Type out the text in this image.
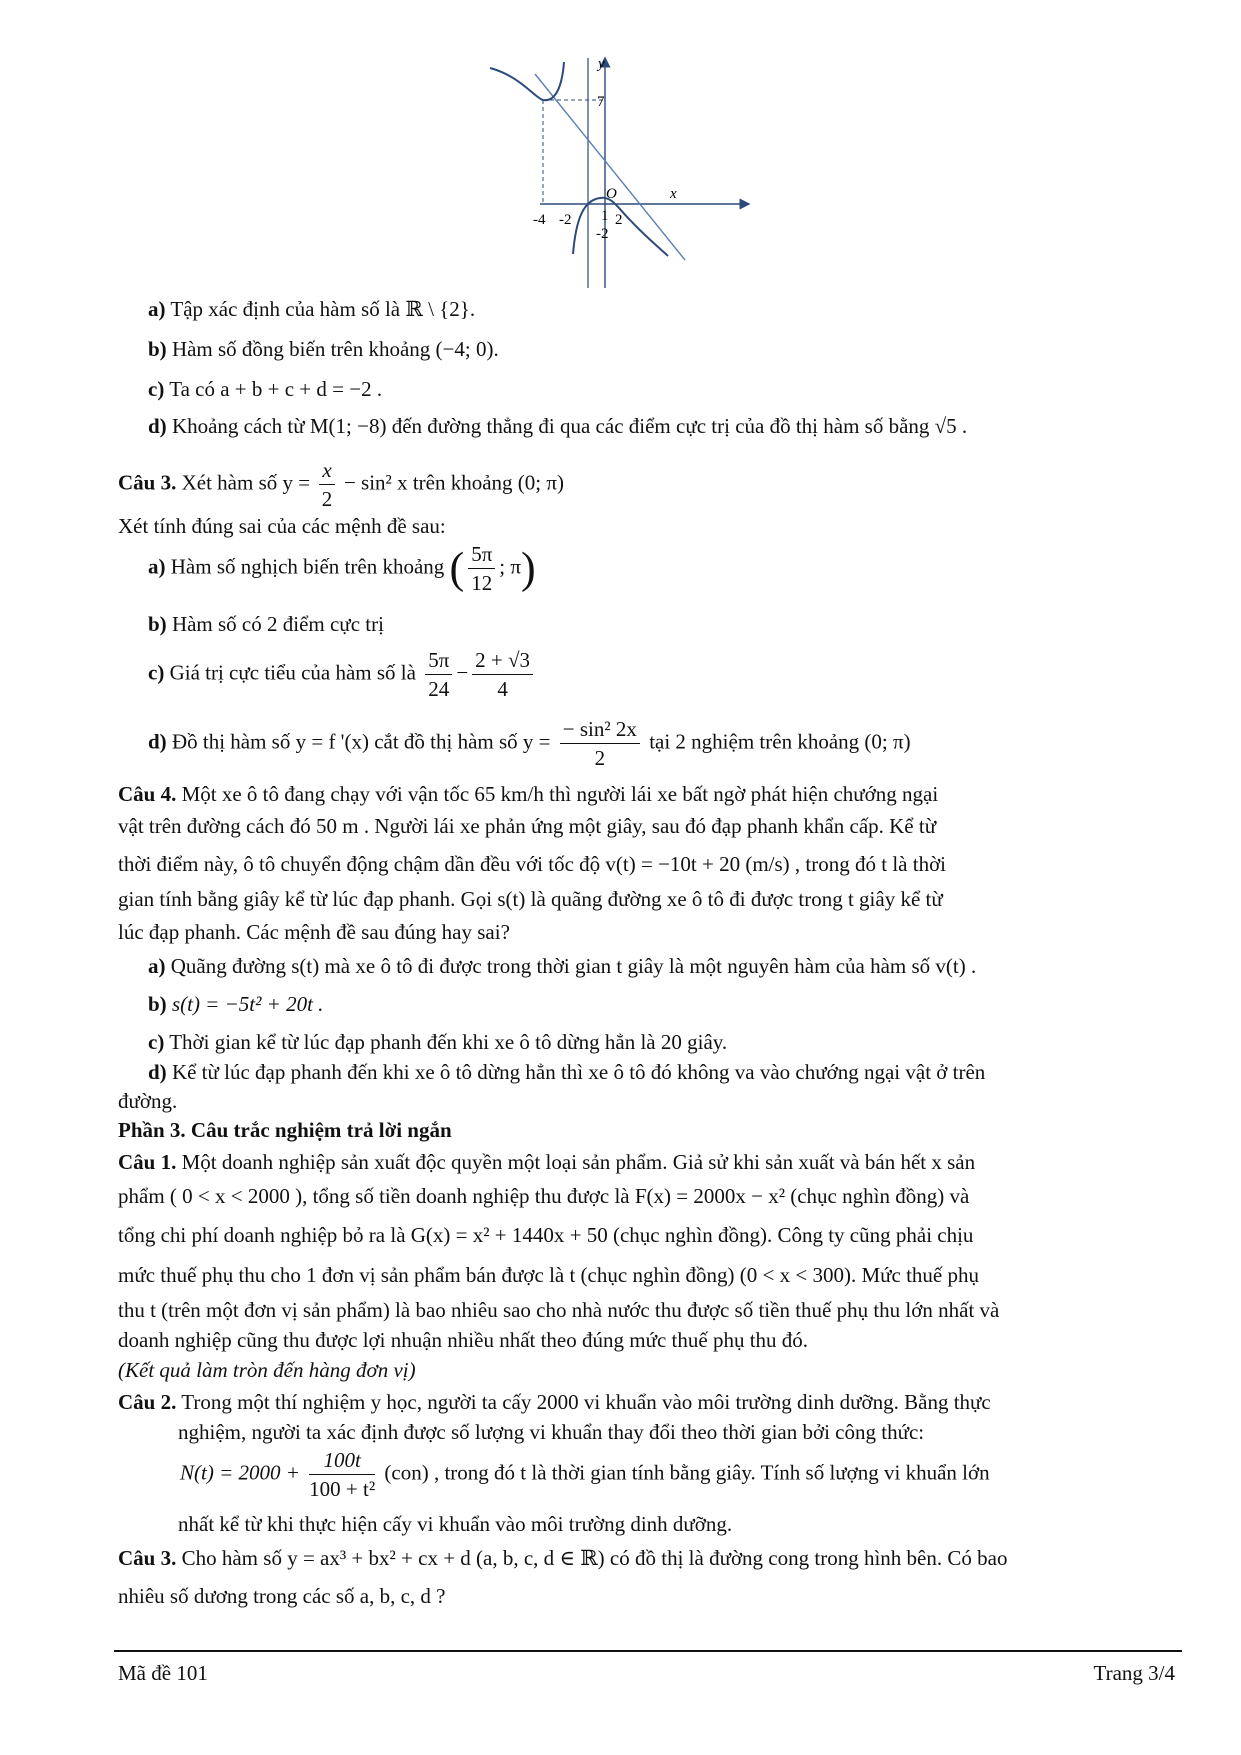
y
x
O
7
-4 -2 1 2
-2
a) Tập xác định của hàm số là ℝ \ {2}.
b) Hàm số đồng biến trên khoảng (−4; 0).
c) Ta có a + b + c + d = −2 .
d) Khoảng cách từ M(1; −8) đến đường thẳng đi qua các điểm cực trị của đồ thị hàm số bằng √5 .
Câu 3. Xét hàm số $y = \frac{x}{2} - \sin^2$ x trên khoảng (0; π)
Xét tính đúng sai của các mệnh đề sau:
a) Hàm số nghịch biến trên khoảng ( $\frac{5\pi}{12}$ ; π)
b) Hàm số có 2 điểm cực trị
c) Giá trị cực tiểu của hàm số là $\frac{5\pi}{24} - \frac{2 + √3}{4}$
d) Đồ thị hàm số y = f '(x) cắt đồ thị hàm số $y = \frac{\text{− sin² 2x}}{2}$ tại 2 nghiệm trên khoảng (0; π)
Câu 4. Một xe ô tô đang chạy với vận tốc 65 km/h thì người lái xe bất ngờ phát hiện chướng ngại
vật trên đường cách đó 50 m . Người lái xe phản ứng một giây, sau đó đạp phanh khẩn cấp. Kể từ
thời điểm này, ô tô chuyển động chậm dần đều với tốc độ v(t) = −10t + 20 (m/s) , trong đó t là thời
gian tính bằng giây kể từ lúc đạp phanh. Gọi s(t) là quãng đường xe ô tô đi được trong t giây kể từ
lúc đạp phanh. Các mệnh đề sau đúng hay sai?
a) Quãng đường s(t) mà xe ô tô đi được trong thời gian t giây là một nguyên hàm của hàm số v(t) .
b) s(t) = −5t² + 20t .
c) Thời gian kể từ lúc đạp phanh đến khi xe ô tô dừng hẳn là 20 giây.
d) Kể từ lúc đạp phanh đến khi xe ô tô dừng hẳn thì xe ô tô đó không va vào chướng ngại vật ở trên
đường.
Phần 3. Câu trắc nghiệm trả lời ngắn
Câu 1. Một doanh nghiệp sản xuất độc quyền một loại sản phẩm. Giả sử khi sản xuất và bán hết x sản
phẩm ( 0 < x < 2000 ), tổng số tiền doanh nghiệp thu được là F(x) = 2000x − x² (chục nghìn đồng) và
tổng chi phí doanh nghiệp bỏ ra là G(x) = x² + 1440x + 50 (chục nghìn đồng). Công ty cũng phải chịu
mức thuế phụ thu cho 1 đơn vị sản phẩm bán được là t (chục nghìn đồng) (0 < x < 300). Mức thuế phụ
thu t (trên một đơn vị sản phẩm) là bao nhiêu sao cho nhà nước thu được số tiền thuế phụ thu lớn nhất và
doanh nghiệp cũng thu được lợi nhuận nhiều nhất theo đúng mức thuế phụ thu đó.
(Kết quả làm tròn đến hàng đơn vị)
Câu 2. Trong một thí nghiệm y học, người ta cấy 2000 vi khuẩn vào môi trường dinh dưỡng. Bằng thực
nghiệm, người ta xác định được số lượng vi khuẩn thay đổi theo thời gian bởi công thức:
$N(t) = 2000 + \frac{100t}{\text{100 + t²}} (con)$ , trong đó t là thời gian tính bằng giây. Tính số lượng vi khuẩn lớn
nhất kể từ khi thực hiện cấy vi khuẩn vào môi trường dinh dưỡng.
Câu 3. Cho hàm số y = ax³ + bx² + cx + d (a, b, c, d ∈ ℝ) có đồ thị là đường cong trong hình bên. Có bao
nhiêu số dương trong các số a, b, c, d ?
Mã đề 101	Trang 3/4
